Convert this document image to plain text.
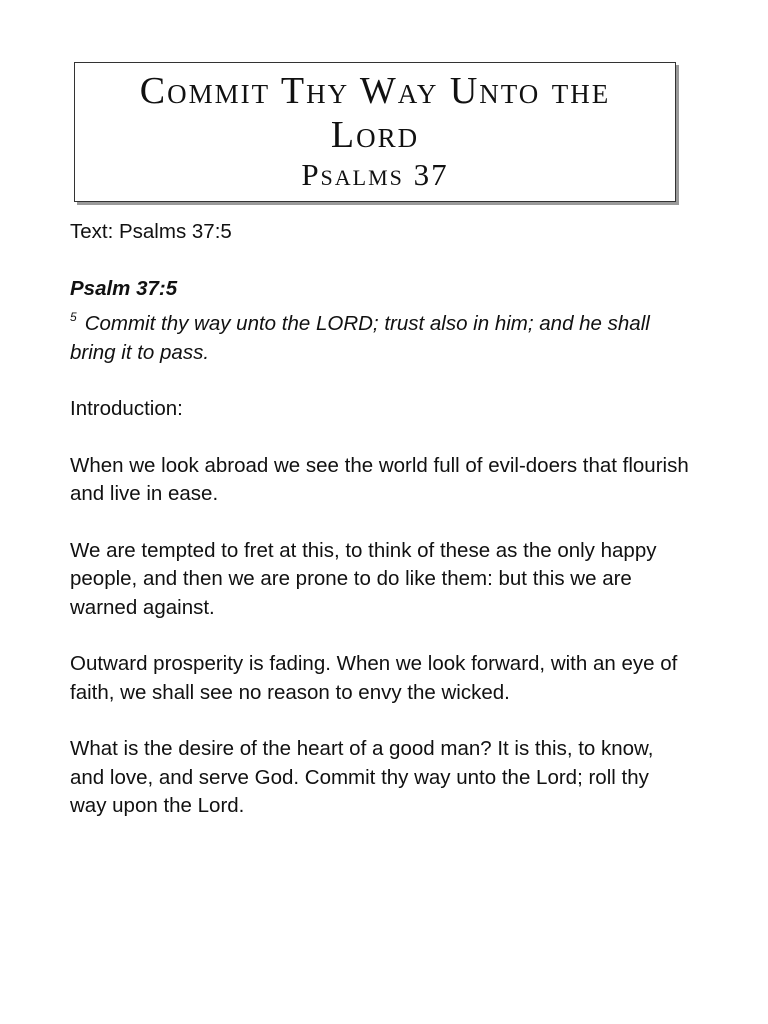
Commit Thy Way Unto the Lord
Psalms 37

Text: Psalms 37:5

Psalm 37:5
$^5$ Commit thy way unto the LORD; trust also in him; and he shall bring it to pass.

Introduction:

When we look abroad we see the world full of evil-doers that flourish and live in ease.

We are tempted to fret at this, to think of these as the only happy people, and then we are prone to do like them: but this we are warned against.

Outward prosperity is fading. When we look forward, with an eye of faith, we shall see no reason to envy the wicked.

What is the desire of the heart of a good man? It is this, to know, and love, and serve God. Commit thy way unto the Lord; roll thy way upon the Lord.
